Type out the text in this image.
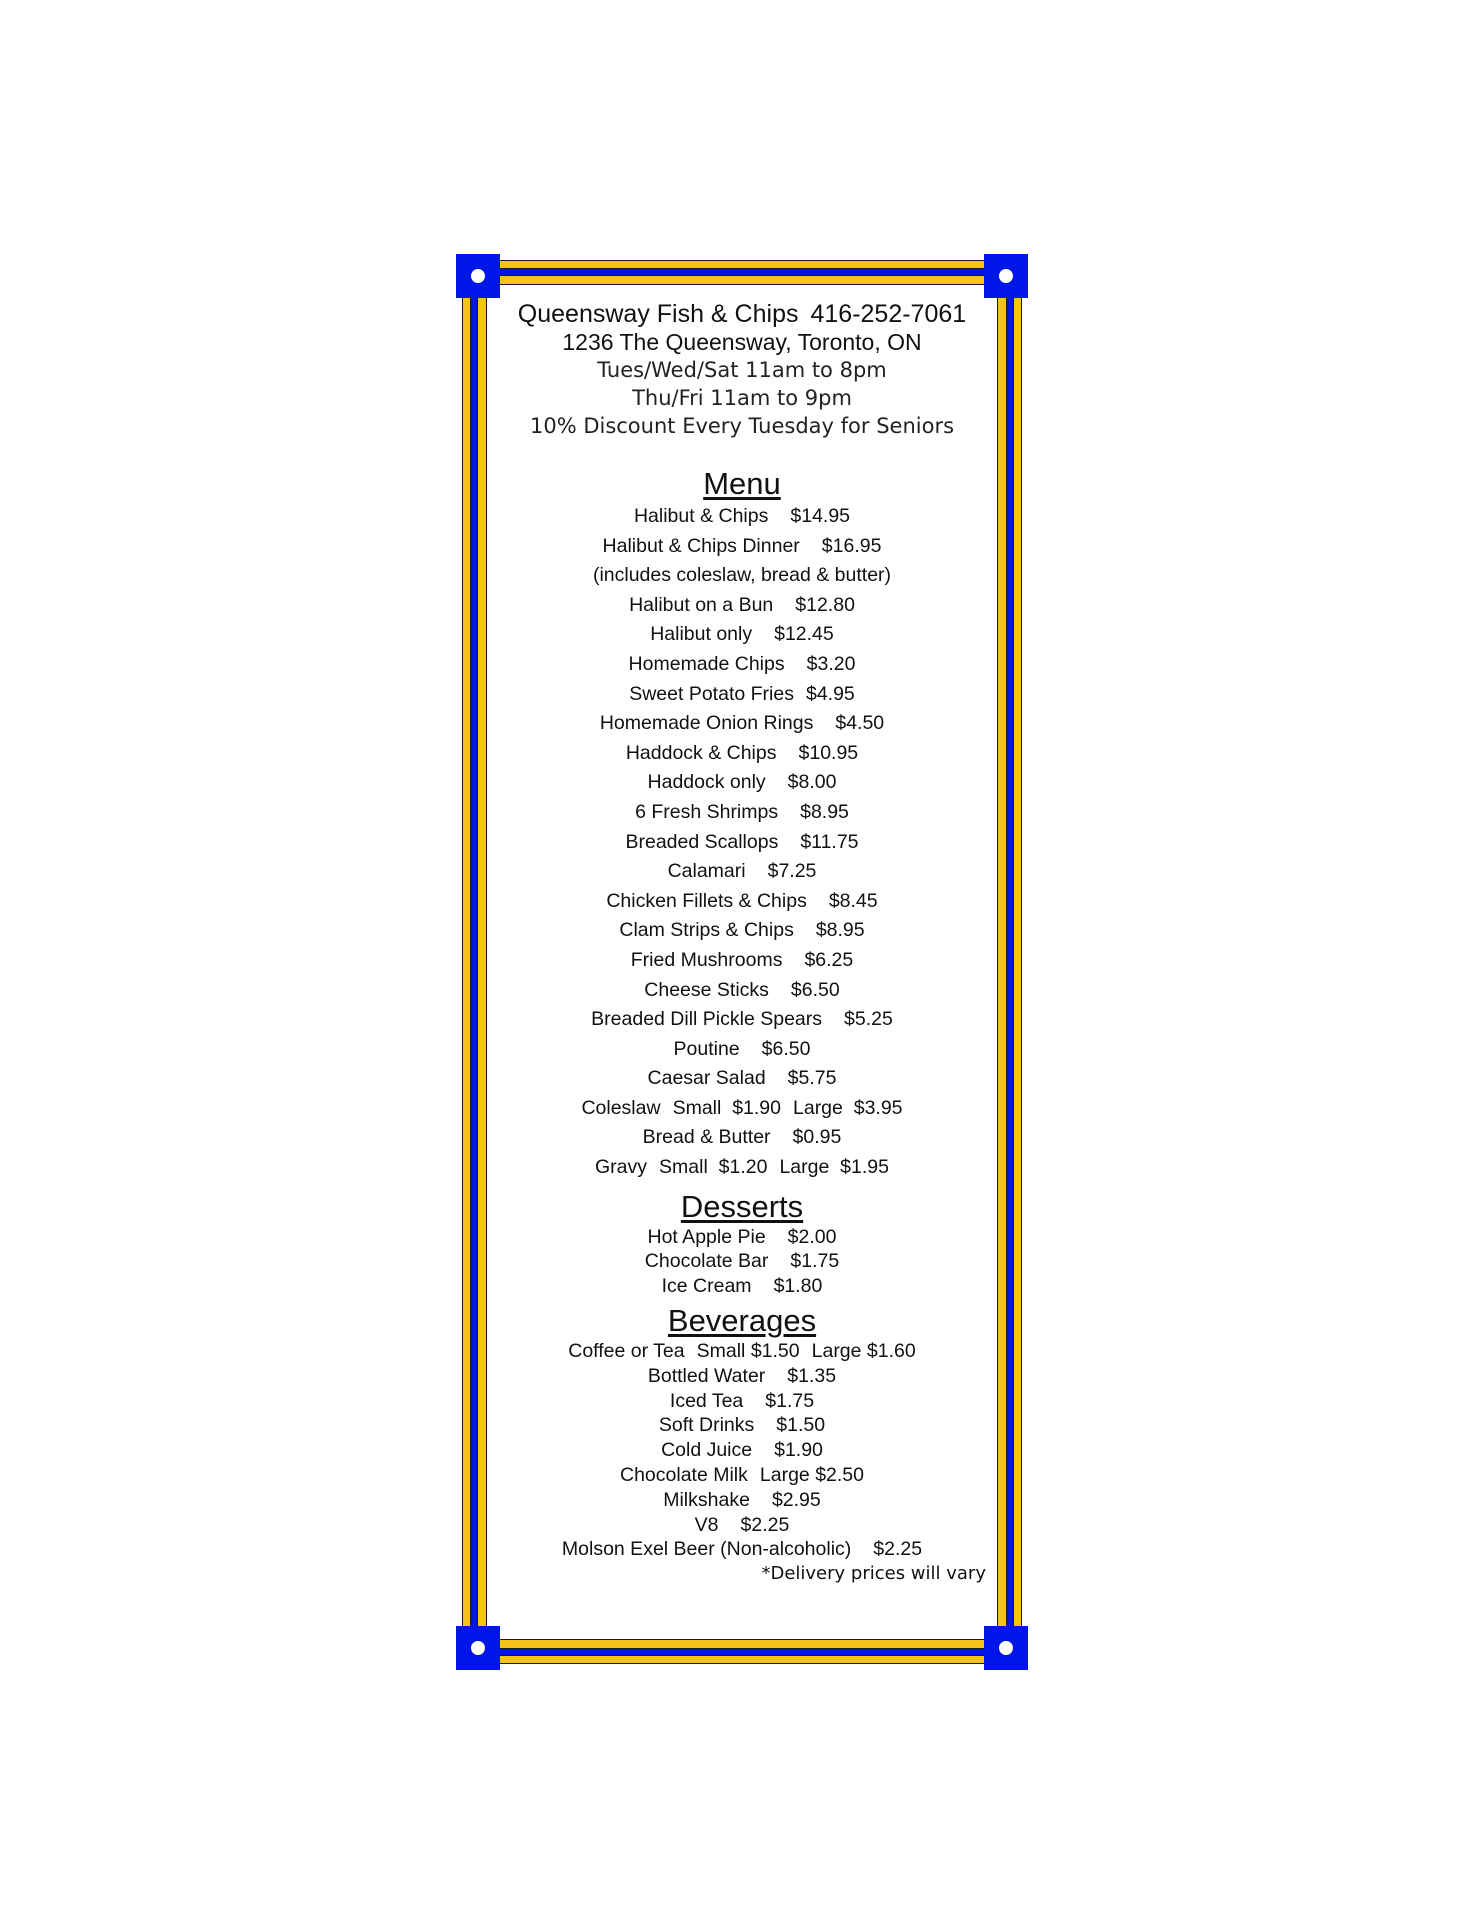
Queensway Fish & Chips 416-252-7061
1236 The Queensway, Toronto, ON
Tues/Wed/Sat 11am to 8pm
Thu/Fri 11am to 9pm
10% Discount Every Tuesday for Seniors
Menu
Halibut & Chips $14.95
Halibut & Chips Dinner $16.95
(includes coleslaw, bread & butter)
Halibut on a Bun $12.80
Halibut only $12.45
Homemade Chips $3.20
Sweet Potato Fries $4.95
Homemade Onion Rings $4.50
Haddock & Chips $10.95
Haddock only $8.00
6 Fresh Shrimps $8.95
Breaded Scallops $11.75
Calamari $7.25
Chicken Fillets & Chips $8.45
Clam Strips & Chips $8.95
Fried Mushrooms $6.25
Cheese Sticks $6.50
Breaded Dill Pickle Spears $5.25
Poutine $6.50
Caesar Salad $5.75
Coleslaw Small $1.90 Large $3.95
Bread & Butter $0.95
Gravy Small $1.20 Large $1.95
Desserts
Hot Apple Pie $2.00
Chocolate Bar $1.75
Ice Cream $1.80
Beverages
Coffee or Tea Small $1.50 Large $1.60
Bottled Water $1.35
Iced Tea $1.75
Soft Drinks $1.50
Cold Juice $1.90
Chocolate Milk Large $2.50
Milkshake $2.95
V8 $2.25
Molson Exel Beer (Non-alcoholic) $2.25
*Delivery prices will vary
